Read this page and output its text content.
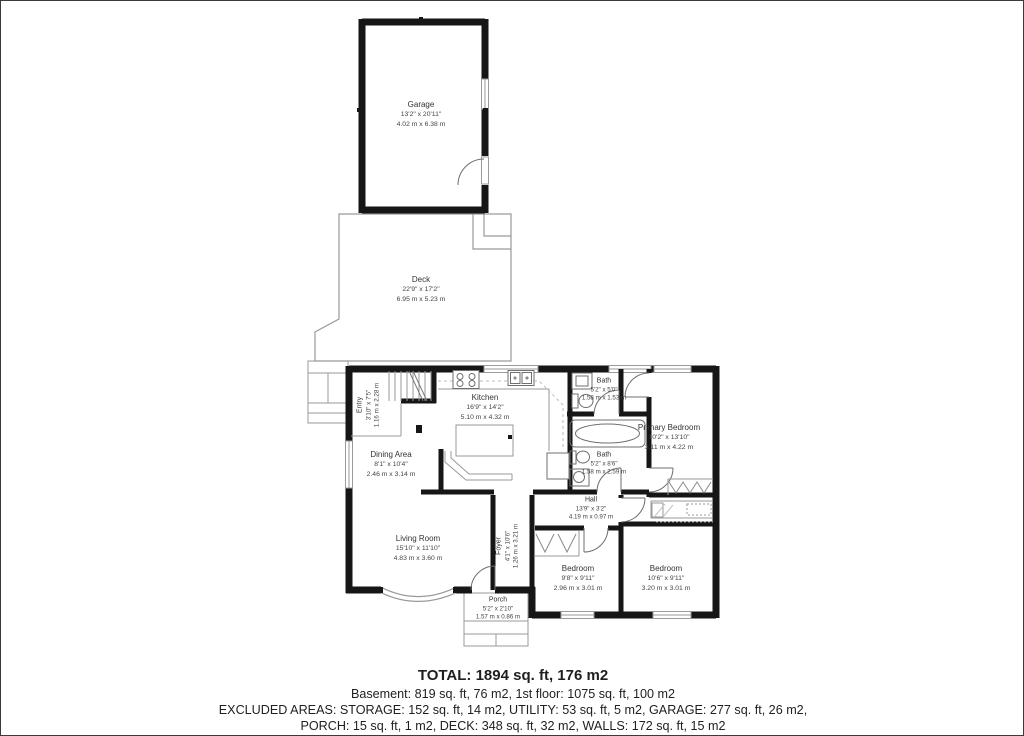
Garage
13'2" x 20'11"
4.02 m x 6.38 m
Deck
22'9" x 17'2"
6.95 m x 5.23 m
Entry 3'10" x 7'5" 1.16 m x 2.28 m	Kitchen
16'9" x 14'2"
5.10 m x 4.32 m
Dining Area
8'1" x 10'4"
2.46 m x 3.14 m
Living Room
15'10" x 11'10"
4.83 m x 3.60 m
Foyer 4'1" x 10'6" 1.26 m x 3.21 m
Bath
5'2" x 5'0"
1.58 m x 1.53 m
Bath
5'2" x 8'6"
1.58 m x 2.59 m
Primary Bedroom
10'2" x 13'10"
3.11 m x 4.22 m
Hall
13'9" x 3'2"
4.19 m x 0.97 m
Bedroom
9'8" x 9'11"
2.96 m x 3.01 m
Bedroom
10'6" x 9'11"
3.20 m x 3.01 m
Porch
5'2" x 2'10"
1.57 m x 0.86 m
TOTAL: 1894 sq. ft, 176 m2
Basement: 819 sq. ft, 76 m2, 1st floor: 1075 sq. ft, 100 m2
EXCLUDED AREAS: STORAGE: 152 sq. ft, 14 m2, UTILITY: 53 sq. ft, 5 m2, GARAGE: 277 sq. ft, 26 m2,
PORCH: 15 sq. ft, 1 m2, DECK: 348 sq. ft, 32 m2, WALLS: 172 sq. ft, 15 m2
